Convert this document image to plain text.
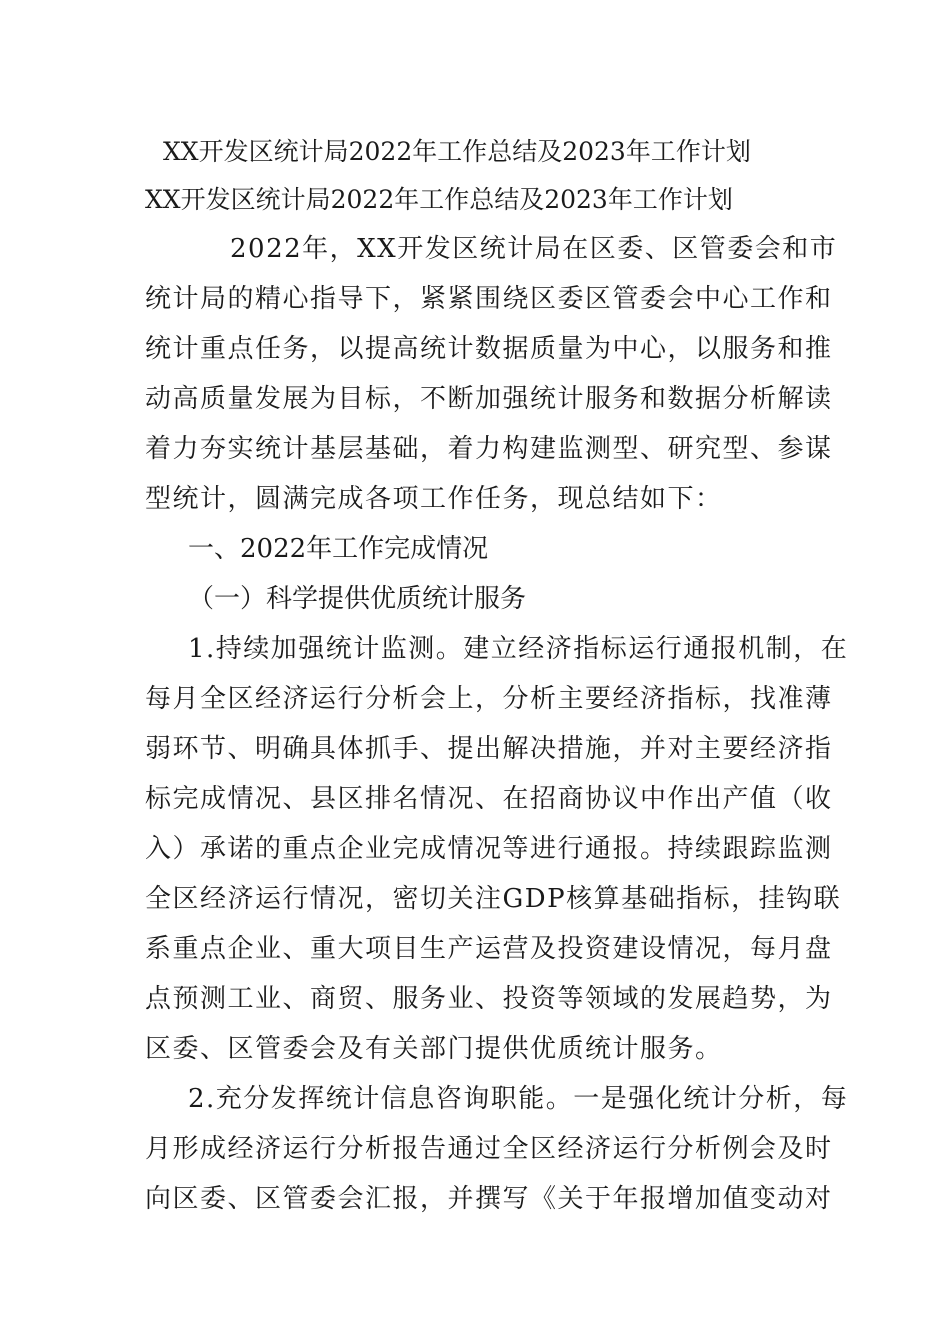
XX开发区统计局2022年工作总结及2023年工作计划
XX开发区统计局2022年工作总结及2023年工作计划
2022年，XX开发区统计局在区委、区管委会和市
统计局的精心指导下，紧紧围绕区委区管委会中心工作和
统计重点任务，以提高统计数据质量为中心，以服务和推
动高质量发展为目标，不断加强统计服务和数据分析解读
着力夯实统计基层基础，着力构建监测型、研究型、参谋
型统计，圆满完成各项工作任务，现总结如下：
一、2022年工作完成情况
（一）科学提供优质统计服务
1.持续加强统计监测。建立经济指标运行通报机制，在
每月全区经济运行分析会上，分析主要经济指标，找准薄
弱环节、明确具体抓手、提出解决措施，并对主要经济指
标完成情况、县区排名情况、在招商协议中作出产值（收
入）承诺的重点企业完成情况等进行通报。持续跟踪监测
全区经济运行情况，密切关注GDP核算基础指标，挂钩联
系重点企业、重大项目生产运营及投资建设情况，每月盘
点预测工业、商贸、服务业、投资等领域的发展趋势，为
区委、区管委会及有关部门提供优质统计服务。
2.充分发挥统计信息咨询职能。一是强化统计分析，每
月形成经济运行分析报告通过全区经济运行分析例会及时
向区委、区管委会汇报，并撰写《关于年报增加值变动对
